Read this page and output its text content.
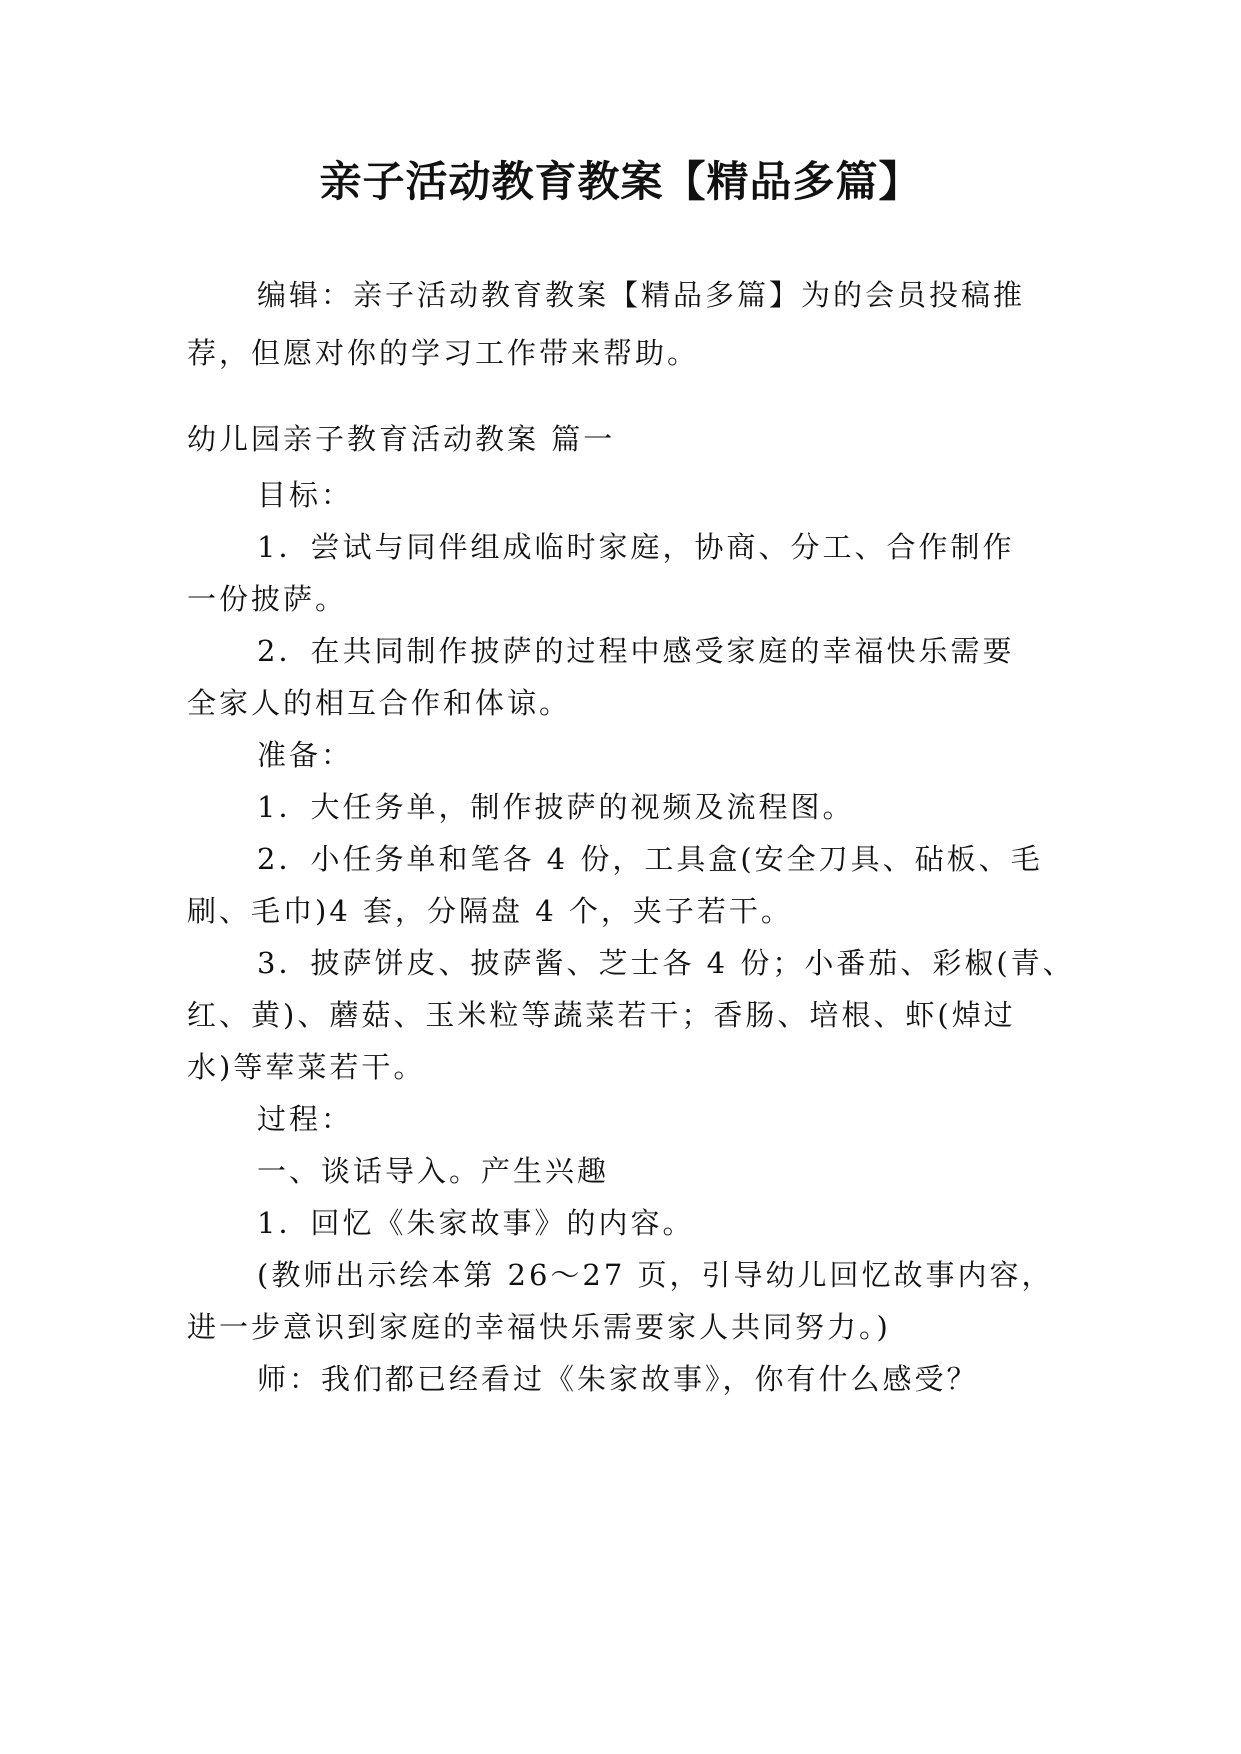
亲子活动教育教案【精品多篇】
编辑：亲子活动教育教案【精品多篇】为的会员投稿推
荐，但愿对你的学习工作带来帮助。
幼儿园亲子教育活动教案 篇一
目标：
1．尝试与同伴组成临时家庭，协商、分工、合作制作
一份披萨。
2．在共同制作披萨的过程中感受家庭的幸福快乐需要
全家人的相互合作和体谅。
准备：
1．大任务单，制作披萨的视频及流程图。
2．小任务单和笔各 4 份，工具盒(安全刀具、砧板、毛
刷、毛巾)4 套，分隔盘 4 个，夹子若干。
3．披萨饼皮、披萨酱、芝士各 4 份；小番茄、彩椒(青、
红、黄)、蘑菇、玉米粒等蔬菜若干；香肠、培根、虾(焯过
水)等荤菜若干。
过程：
一、谈话导入。产生兴趣
1．回忆《朱家故事》的内容。
(教师出示绘本第 26～27 页，引导幼儿回忆故事内容，
进一步意识到家庭的幸福快乐需要家人共同努力。)
师：我们都已经看过《朱家故事》，你有什么感受？
